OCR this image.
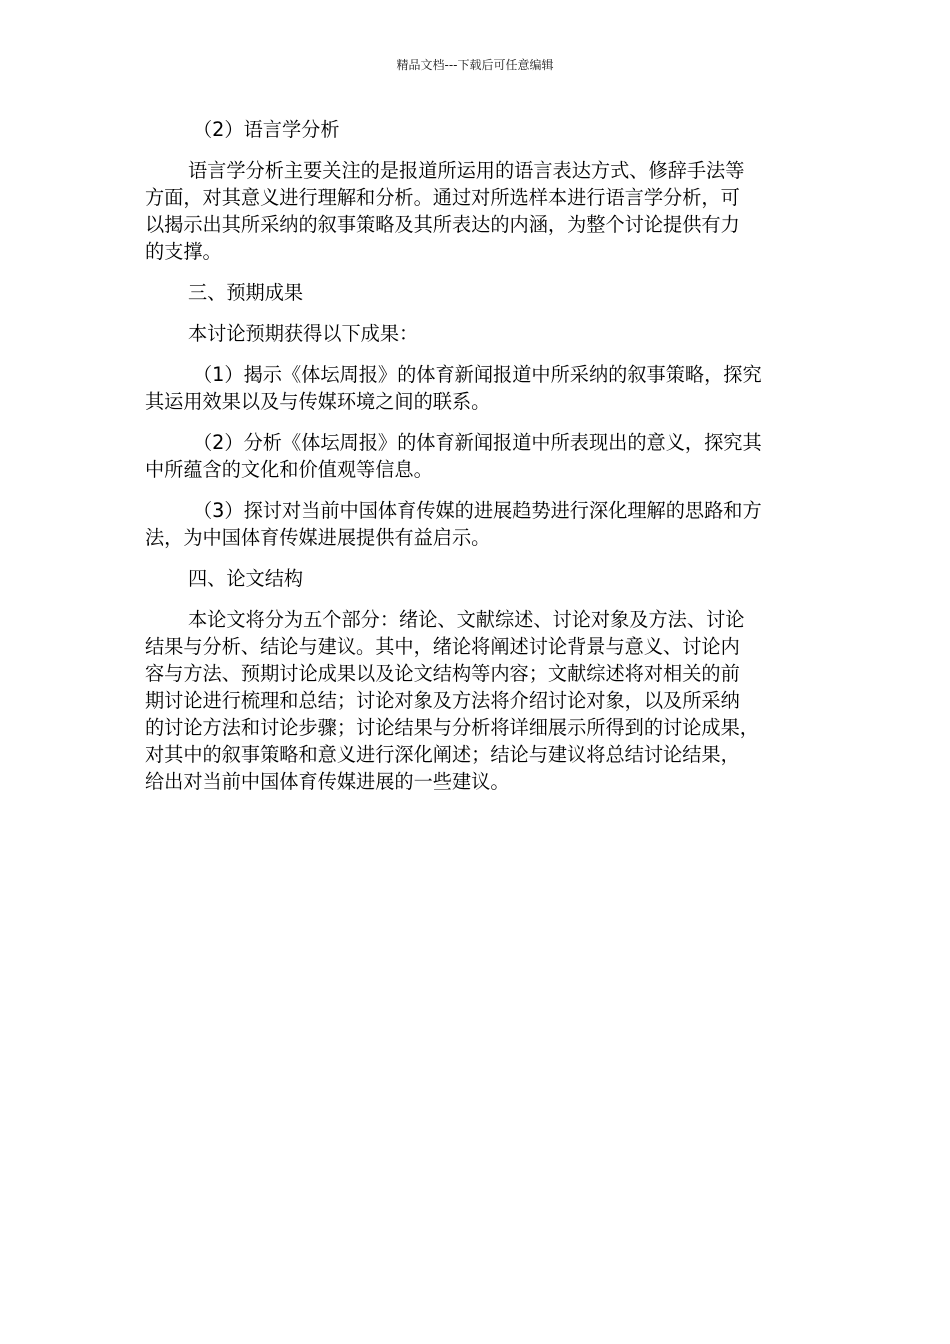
精品文档---下载后可任意编辑
（2）语言学分析
语言学分析主要关注的是报道所运用的语言表达方式、修辞手法等
方面，对其意义进行理解和分析。通过对所选样本进行语言学分析，可
以揭示出其所采纳的叙事策略及其所表达的内涵，为整个讨论提供有力
的支撑。
三、预期成果
本讨论预期获得以下成果：
（1）揭示《体坛周报》的体育新闻报道中所采纳的叙事策略，探究
其运用效果以及与传媒环境之间的联系。
（2）分析《体坛周报》的体育新闻报道中所表现出的意义，探究其
中所蕴含的文化和价值观等信息。
（3）探讨对当前中国体育传媒的进展趋势进行深化理解的思路和方
法，为中国体育传媒进展提供有益启示。
四、论文结构
本论文将分为五个部分：绪论、文献综述、讨论对象及方法、讨论
结果与分析、结论与建议。其中，绪论将阐述讨论背景与意义、讨论内
容与方法、预期讨论成果以及论文结构等内容；文献综述将对相关的前
期讨论进行梳理和总结；讨论对象及方法将介绍讨论对象，以及所采纳
的讨论方法和讨论步骤；讨论结果与分析将详细展示所得到的讨论成果，
对其中的叙事策略和意义进行深化阐述；结论与建议将总结讨论结果，
给出对当前中国体育传媒进展的一些建议。
